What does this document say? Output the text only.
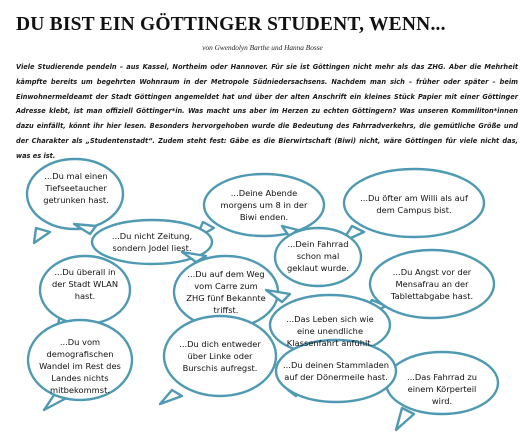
DU BIST EIN GÖTTINGER STUDENT, WENN...
von Gwendolyn Barthe und Hanna Bosse

Viele Studierende pendeln – aus Kassel, Northeim oder Hannover. Für sie ist Göttingen nicht mehr als das ZHG. Aber die Mehrheit kämpfte bereits um begehrten Wohnraum in der Metropole Südniedersachsens. Nachdem man sich – früher oder später – beim Einwohnermeldeamt der Stadt Göttingen angemeldet hat und über der alten Anschrift ein kleines Stück Papier mit einer Göttinger Adresse klebt, ist man offiziell Göttinger*in. Was macht uns aber im Herzen zu echten Göttingern? Was unseren Kommiliton*innen dazu einfällt, könnt ihr hier lesen. Besonders hervorgehoben wurde die Bedeutung des Fahrradverkehrs, die gemütliche Größe und der Charakter als „Studentenstadt“. Zudem steht fest: Gäbe es die Bierwirtschaft (Biwi) nicht, wäre Göttingen für viele nicht das, was es ist.

...Du mal einen Tiefseetaucher getrunken hast.

...Deine Abende morgens um 8 in der Biwi enden.

...Du öfter am Willi als auf dem Campus bist.

...Du nicht Zeitung, sondern Jodel liest.	...Dein Fahrrad schon mal geklaut wurde.

...Du überall in der Stadt WLAN hast.

...Du auf dem Weg vom Carre zum ZHG fünf Bekannte triffst.

...Du Angst vor der Mensafrau an der Tablettabgabe hast.

...Das Leben sich wie eine unendliche Klassenfahrt anfühlt.

...Du vom demografischen Wandel im Rest des Landes nichts mitbekommst.

...Du dich entweder über Linke oder Burschis aufregst.

...Das Fahrrad zu einem Körperteil wird.

...Du deinen Stammladen auf der Dönermeile hast.
